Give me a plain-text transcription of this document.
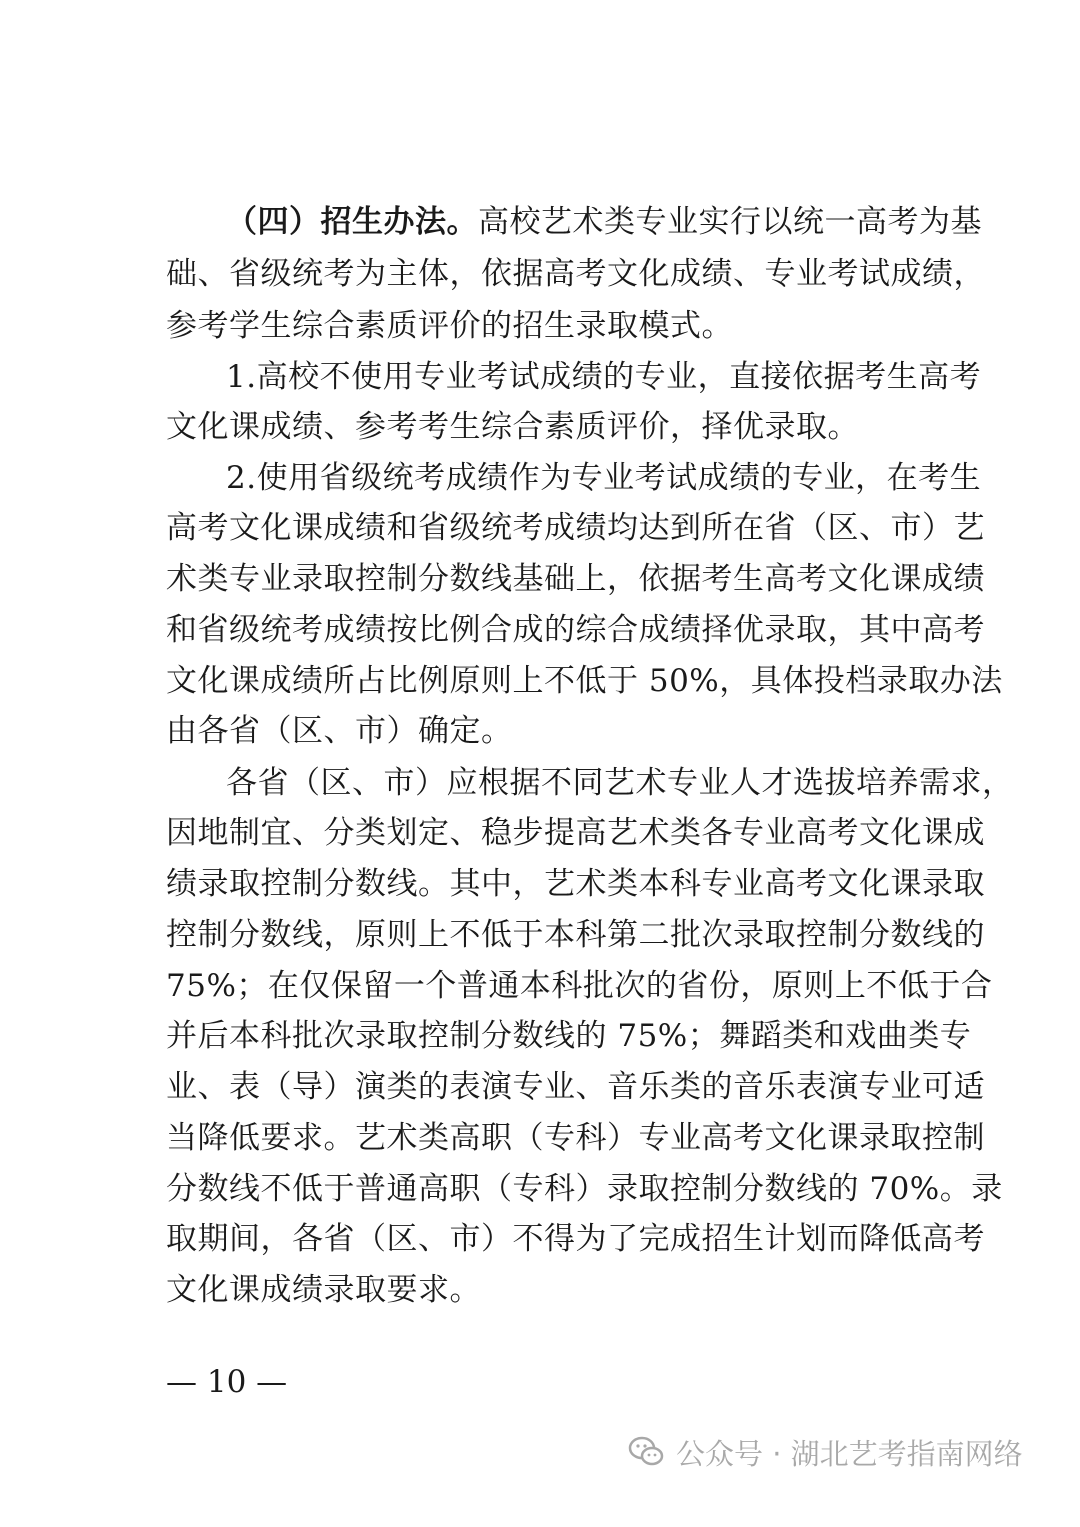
（四）招生办法。高校艺术类专业实行以统一高考为基
础、省级统考为主体，依据高考文化成绩、专业考试成绩，
参考学生综合素质评价的招生录取模式。
1.高校不使用专业考试成绩的专业，直接依据考生高考
文化课成绩、参考考生综合素质评价，择优录取。
2.使用省级统考成绩作为专业考试成绩的专业，在考生
高考文化课成绩和省级统考成绩均达到所在省（区、市）艺
术类专业录取控制分数线基础上，依据考生高考文化课成绩
和省级统考成绩按比例合成的综合成绩择优录取，其中高考
文化课成绩所占比例原则上不低于 50%，具体投档录取办法
由各省（区、市）确定。
各省（区、市）应根据不同艺术专业人才选拔培养需求，
因地制宜、分类划定、稳步提高艺术类各专业高考文化课成
绩录取控制分数线。其中，艺术类本科专业高考文化课录取
控制分数线，原则上不低于本科第二批次录取控制分数线的
75%；在仅保留一个普通本科批次的省份，原则上不低于合
并后本科批次录取控制分数线的 75%；舞蹈类和戏曲类专
业、表（导）演类的表演专业、音乐类的音乐表演专业可适
当降低要求。艺术类高职（专科）专业高考文化课录取控制
分数线不低于普通高职（专科）录取控制分数线的 70%。录
取期间，各省（区、市）不得为了完成招生计划而降低高考
文化课成绩录取要求。
— 10 —
公众号 · 湖北艺考指南网络
